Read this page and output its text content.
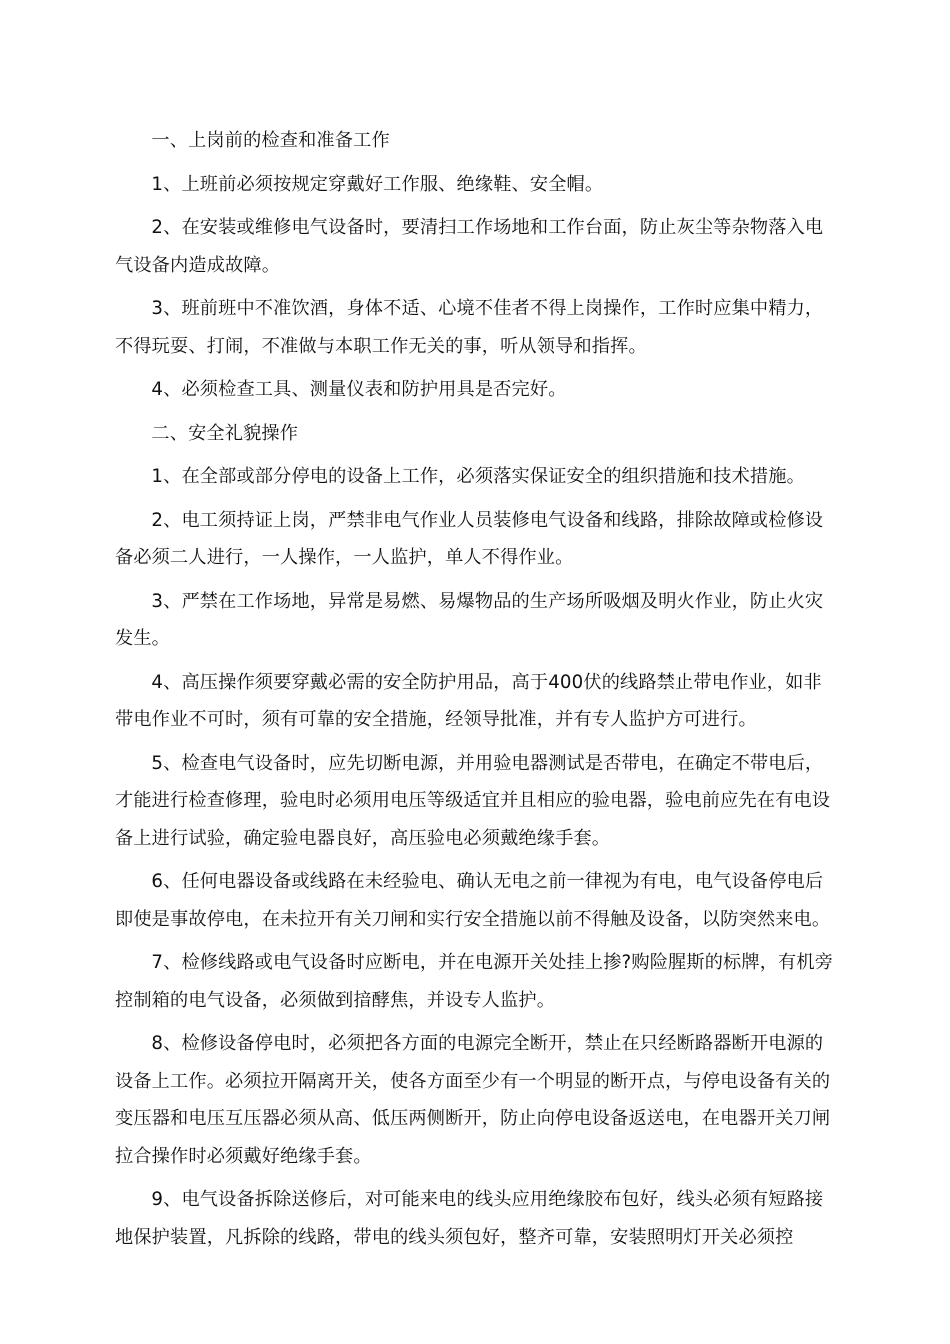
一、上岗前的检查和准备工作

1、上班前必须按规定穿戴好工作服、绝缘鞋、安全帽。

2、在安装或维修电气设备时，要清扫工作场地和工作台面，防止灰尘等杂物落入电气设备内造成故障。

3、班前班中不准饮酒，身体不适、心境不佳者不得上岗操作，工作时应集中精力，不得玩耍、打闹，不准做与本职工作无关的事，听从领导和指挥。

4、必须检查工具、测量仪表和防护用具是否完好。

二、安全礼貌操作

1、在全部或部分停电的设备上工作，必须落实保证安全的组织措施和技术措施。

2、电工须持证上岗，严禁非电气作业人员装修电气设备和线路，排除故障或检修设备必须二人进行，一人操作，一人监护，单人不得作业。

3、严禁在工作场地，异常是易燃、易爆物品的生产场所吸烟及明火作业，防止火灾发生。

4、高压操作须要穿戴必需的安全防护用品，高于400伏的线路禁止带电作业，如非带电作业不可时，须有可靠的安全措施，经领导批准，并有专人监护方可进行。

5、检查电气设备时，应先切断电源，并用验电器测试是否带电，在确定不带电后，才能进行检查修理，验电时必须用电压等级适宜并且相应的验电器，验电前应先在有电设备上进行试验，确定验电器良好，高压验电必须戴绝缘手套。

6、任何电器设备或线路在未经验电、确认无电之前一律视为有电，电气设备停电后即使是事故停电，在未拉开有关刀闸和实行安全措施以前不得触及设备，以防突然来电。

7、检修线路或电气设备时应断电，并在电源开关处挂上掺?购险腥斯的标牌，有机旁控制箱的电气设备，必须做到揞酵焦，并设专人监护。

8、检修设备停电时，必须把各方面的电源完全断开，禁止在只经断路器断开电源的设备上工作。必须拉开隔离开关，使各方面至少有一个明显的断开点，与停电设备有关的变压器和电压互压器必须从高、低压两侧断开，防止向停电设备返送电，在电器开关刀闸拉合操作时必须戴好绝缘手套。

9、电气设备拆除送修后，对可能来电的线头应用绝缘胶布包好，线头必须有短路接地保护装置，凡拆除的线路，带电的线头须包好，整齐可靠，安装照明灯开关必须控
